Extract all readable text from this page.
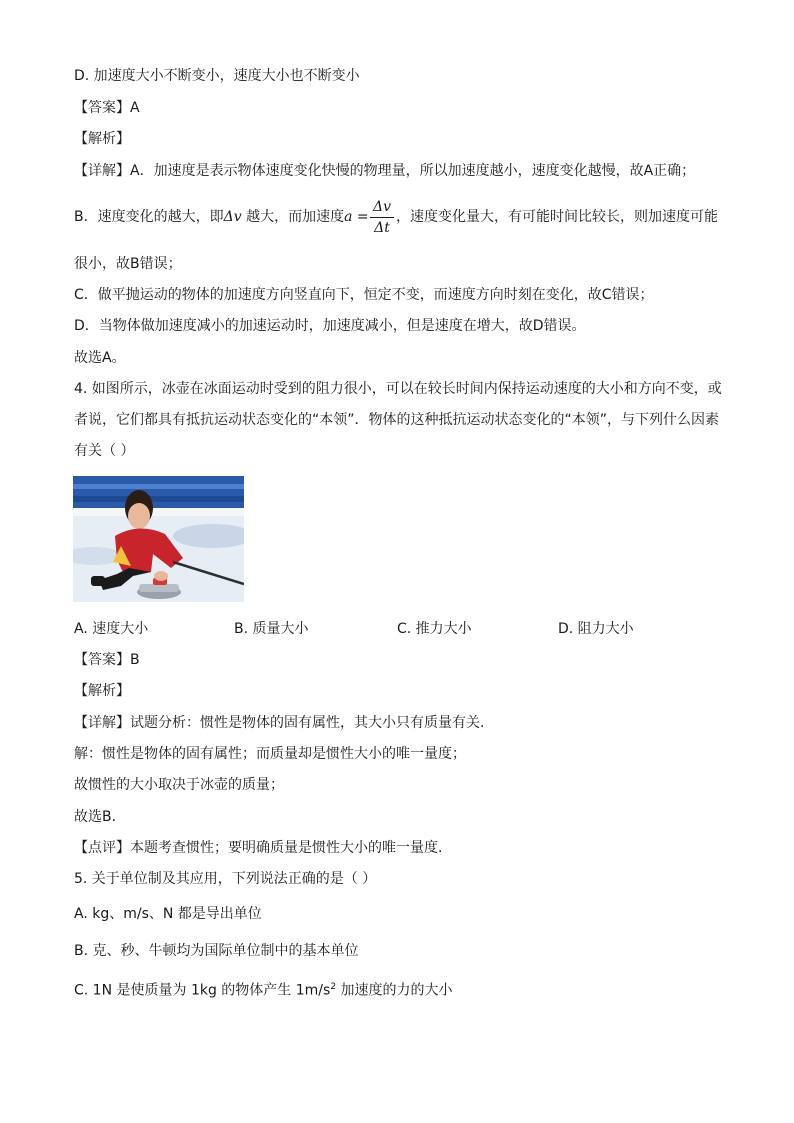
D. 加速度大小不断变小，速度大小也不断变小
【答案】A
【解析】
【详解】A．加速度是表示物体速度变化快慢的物理量，所以加速度越小，速度变化越慢，故A正确；
B．速度变化的越大，即Δv 越大，而加速度a =
Δv
Δt
，速度变化量大，有可能时间比较长，则加速度可能
很小，故B错误；
C．做平抛运动的物体的加速度方向竖直向下，恒定不变，而速度方向时刻在变化，故C错误；
D．当物体做加速度减小的加速运动时，加速度减小，但是速度在增大，故D错误。
故选A。
4. 如图所示，冰壶在冰面运动时受到的阻力很小，可以在较长时间内保持运动速度的大小和方向不变，或
者说，它们都具有抵抗运动状态变化的“本领”．物体的这种抵抗运动状态变化的“本领”，与下列什么因素
有关（ ）
A. 速度大小	B. 质量大小	C. 推力大小	D. 阻力大小
【答案】B
【解析】
【详解】试题分析：惯性是物体的固有属性，其大小只有质量有关．
解：惯性是物体的固有属性；而质量却是惯性大小的唯一量度；
故惯性的大小取决于冰壶的质量；
故选B．
【点评】本题考查惯性；要明确质量是惯性大小的唯一量度．
5. 关于单位制及其应用，下列说法正确的是（ ）
A. kg、m/s、N 都是导出单位
B. 克、秒、牛顿均为国际单位制中的基本单位
C. 1N 是使质量为 1kg 的物体产生 $1m/s^2$ 加速度的力的大小
